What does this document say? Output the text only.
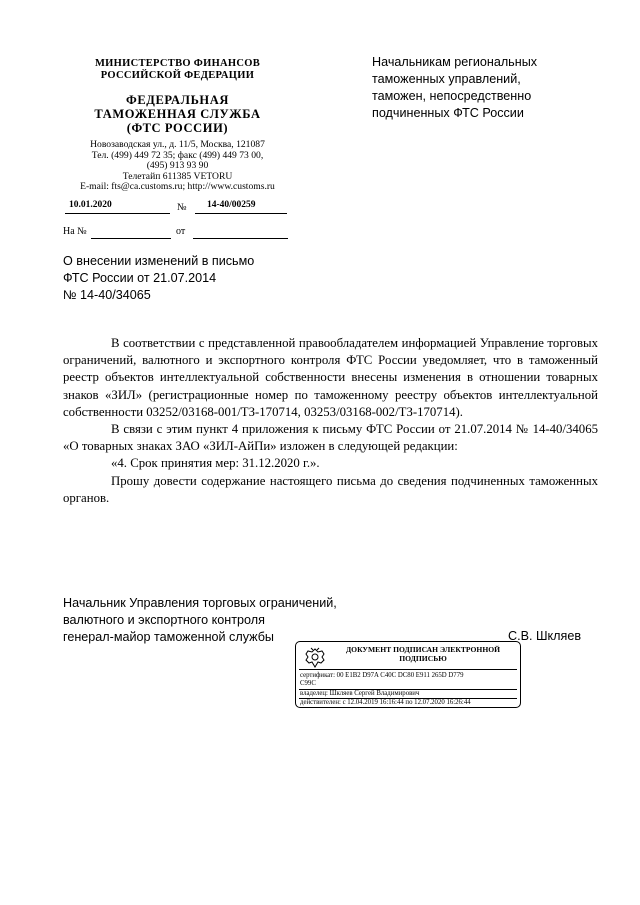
МИНИСТЕРСТВО ФИНАНСОВ
РОССИЙСКОЙ ФЕДЕРАЦИИ
ФЕДЕРАЛЬНАЯ
ТАМОЖЕННАЯ СЛУЖБА
(ФТС РОССИИ)
Новозаводская ул., д. 11/5, Москва, 121087
Тел. (499) 449 72 35; факс (499) 449 73 00,
(495) 913 93 90
Телетайп 611385 VETORU
E-mail: fts@ca.customs.ru; http://www.customs.ru
10.01.2020	№	14-40/00259
На №	от
Начальникам региональных
таможенных управлений,
таможен, непосредственно
подчиненных ФТС России
О внесении изменений в письмо
ФТС России от 21.07.2014
№ 14-40/34065

В соответствии с представленной правообладателем информацией Управление торговых ограничений, валютного и экспортного контроля ФТС России уведомляет, что в таможенный реестр объектов интеллектуальной собственности внесены изменения в отношении товарных знаков «ЗИЛ» (регистрационные номер по таможенному реестру объектов интеллектуальной собственности 03252/03168-001/ТЗ-170714, 03253/03168-002/ТЗ-170714).

В связи с этим пункт 4 приложения к письму ФТС России от 21.07.2014 № 14-40/34065 «О товарных знаках ЗАО «ЗИЛ-АйПи» изложен в следующей редакции:

«4. Срок принятия мер: 31.12.2020 г.».

Прошу довести содержание настоящего письма до сведения подчиненных таможенных органов.

Начальник Управления торговых ограничений,
валютного и экспортного контроля
генерал-майор таможенной службы	С.В. Шкляев
ДОКУМЕНТ ПОДПИСАН ЭЛЕКТРОННОЙ
ПОДПИСЬЮ
сертификат: 00 E1B2 D97A C40C DC80 E911 265D D779
C99C
владелец: Шкляев Сергей Владимирович
действителен: с 12.04.2019 16:16:44 по 12.07.2020 16:26:44
